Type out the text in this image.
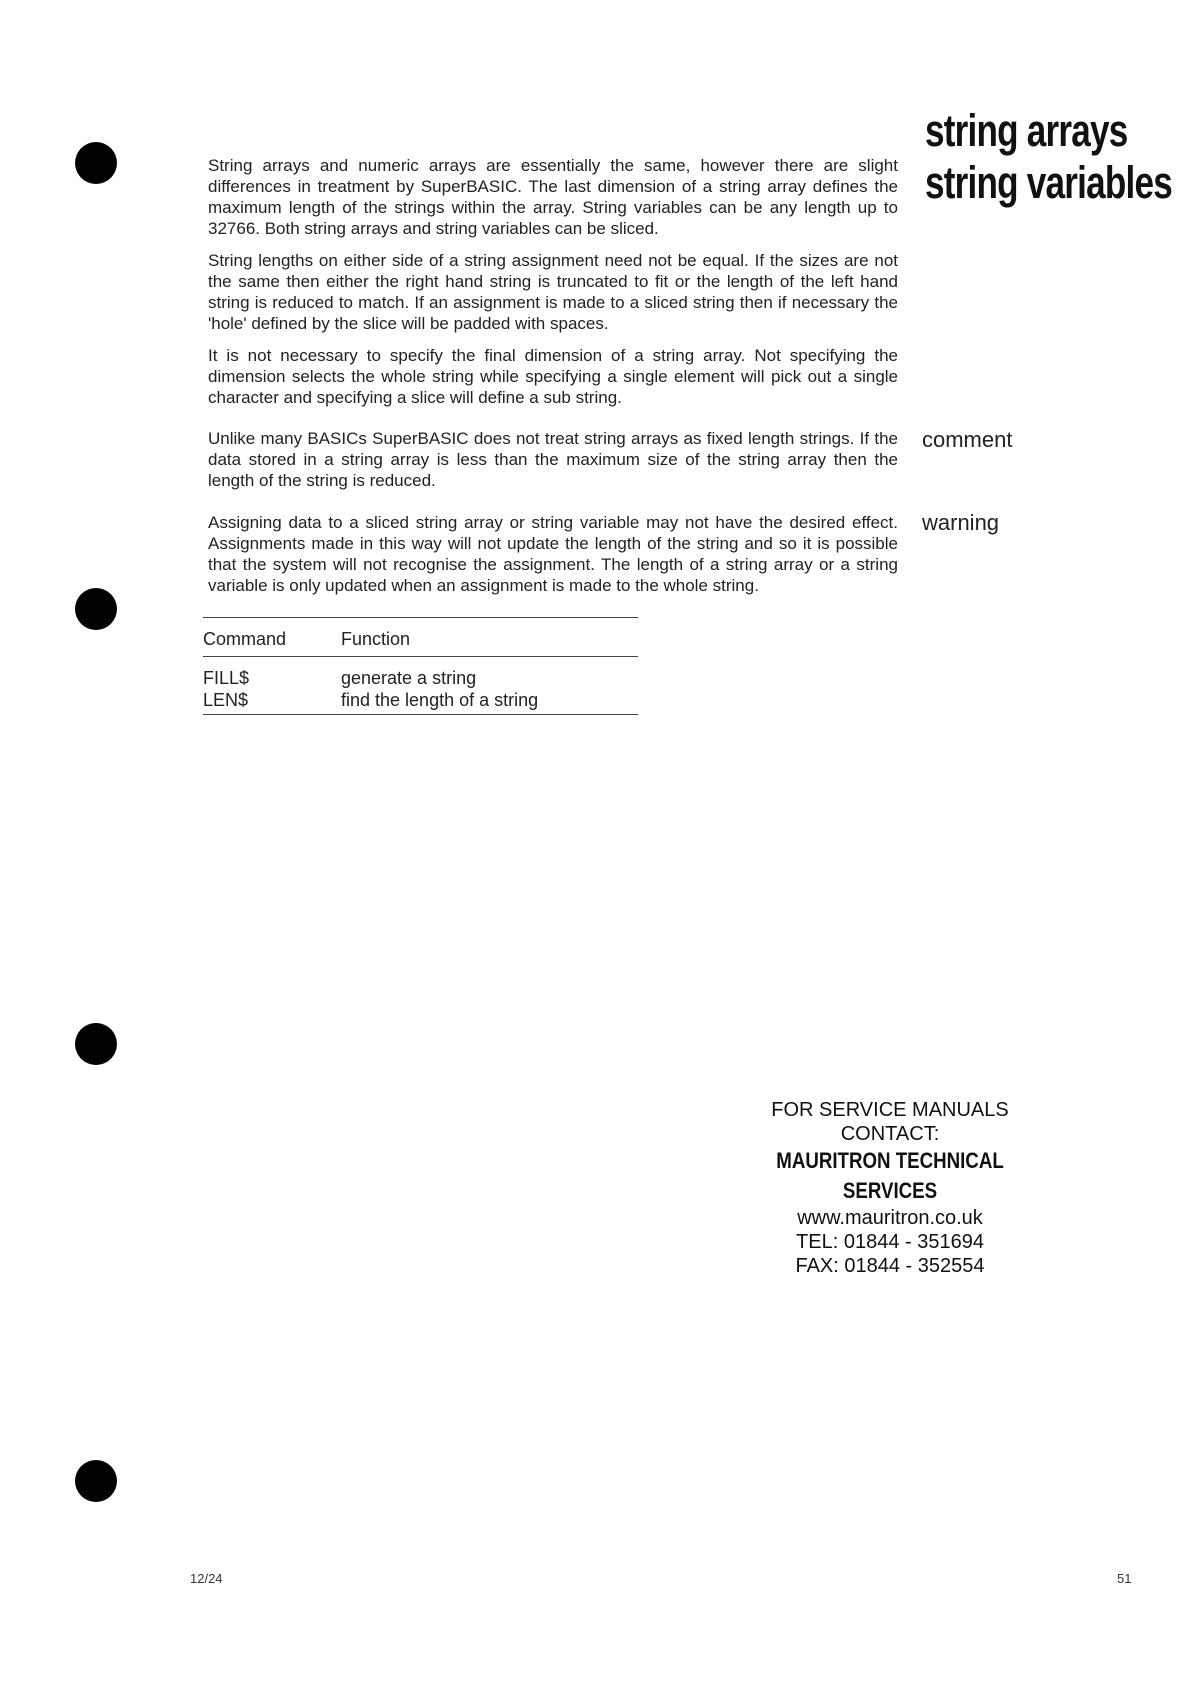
string arrays
string variables

String arrays and numeric arrays are essentially the same, however there are slight differences in treatment by SuperBASIC. The last dimension of a string array defines the maximum length of the strings within the array. String variables can be any length up to 32766. Both string arrays and string variables can be sliced.

String lengths on either side of a string assignment need not be equal. If the sizes are not the same then either the right hand string is truncated to fit or the length of the left hand string is reduced to match. If an assignment is made to a sliced string then if necessary the 'hole' defined by the slice will be padded with spaces.

It is not necessary to specify the final dimension of a string array. Not specifying the dimension selects the whole string while specifying a single element will pick out a single character and specifying a slice will define a sub string.

Unlike many BASICs SuperBASIC does not treat string arrays as fixed length strings. If the data stored in a string array is less than the maximum size of the string array then the length of the string is reduced.

Assigning data to a sliced string array or string variable may not have the desired effect. Assignments made in this way will not update the length of the string and so it is possible that the system will not recognise the assignment. The length of a string array or a string variable is only updated when an assignment is made to the whole string.

comment
warning
Command	Function
FILL$	generate a string
LEN$	find the length of a string
FOR SERVICE MANUALS
CONTACT:
MAURITRON TECHNICAL SERVICES
www.mauritron.co.uk
TEL: 01844 - 351694
FAX: 01844 - 352554
12/24	51
